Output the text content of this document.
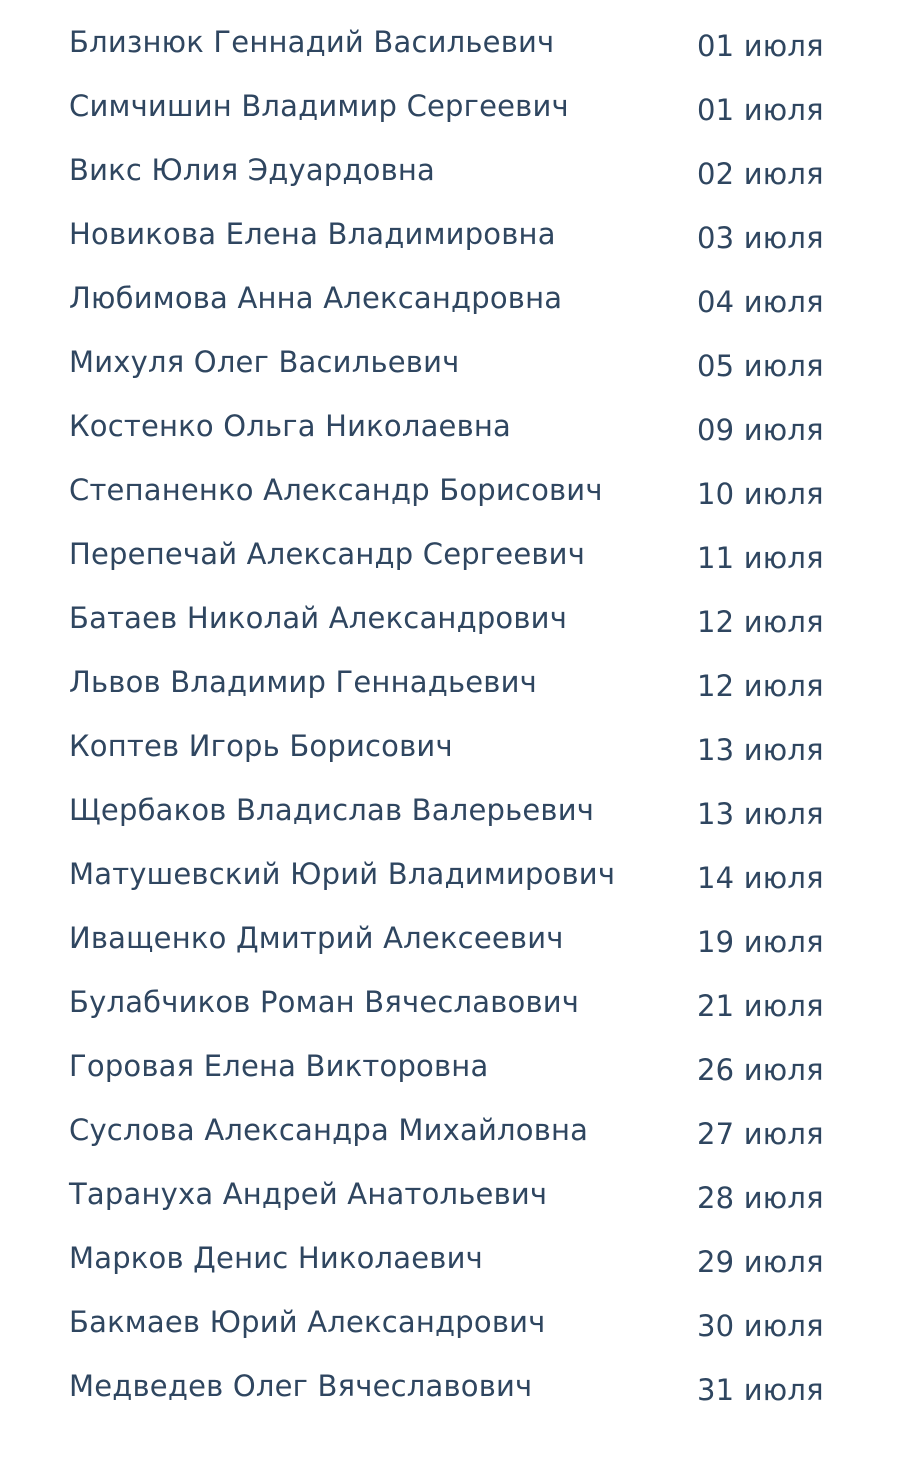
Близнюк Геннадий Васильевич	01 июля
Симчишин Владимир Сергеевич	01 июля
Викс Юлия Эдуардовна	02 июля
Новикова Елена Владимировна	03 июля
Любимова Анна Александровна	04 июля
Михуля Олег Васильевич	05 июля
Костенко Ольга Николаевна	09 июля
Степаненко Александр Борисович	10 июля
Перепечай Александр Сергеевич	11 июля
Батаев Николай Александрович	12 июля
Львов Владимир Геннадьевич	12 июля
Коптев Игорь Борисович	13 июля
Щербаков Владислав Валерьевич	13 июля
Матушевский Юрий Владимирович	14 июля
Иващенко Дмитрий Алексеевич	19 июля
Булабчиков Роман Вячеславович	21 июля
Горовая Елена Викторовна	26 июля
Суслова Александра Михайловна	27 июля
Тарануха Андрей Анатольевич	28 июля
Марков Денис Николаевич	29 июля
Бакмаев Юрий Александрович	30 июля
Медведев Олег Вячеславович	31 июля
